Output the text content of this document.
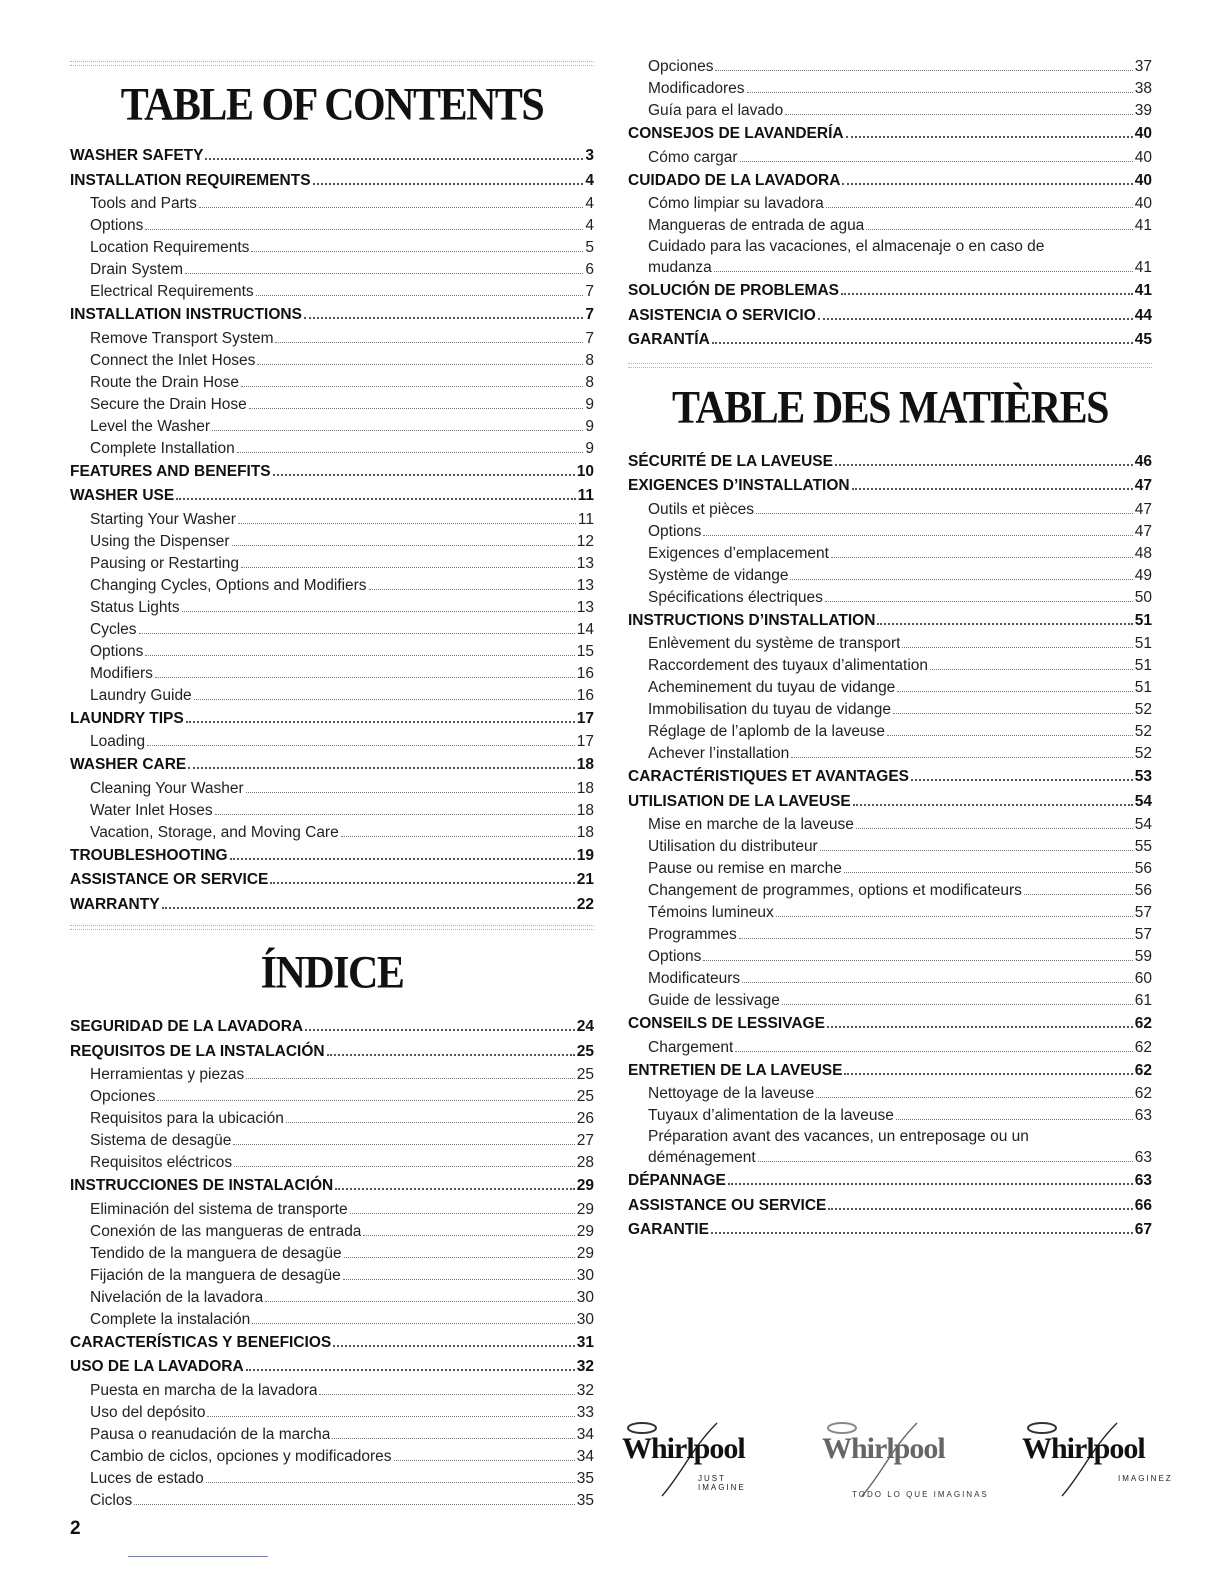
TABLE OF CONTENTS
WASHER SAFETY	3
INSTALLATION REQUIREMENTS	4
Tools and Parts	4
Options	4
Location Requirements	5
Drain System	6
Electrical Requirements	7
INSTALLATION INSTRUCTIONS	7
Remove Transport System	7
Connect the Inlet Hoses	8
Route the Drain Hose	8
Secure the Drain Hose	9
Level the Washer	9
Complete Installation	9
FEATURES AND BENEFITS	10
WASHER USE	11
Starting Your Washer	11
Using the Dispenser	12
Pausing or Restarting	13
Changing Cycles, Options and Modifiers	13
Status Lights	13
Cycles	14
Options	15
Modifiers	16
Laundry Guide	16
LAUNDRY TIPS	17
Loading	17
WASHER CARE	18
Cleaning Your Washer	18
Water Inlet Hoses	18
Vacation, Storage, and Moving Care	18
TROUBLESHOOTING	19
ASSISTANCE OR SERVICE	21
WARRANTY	22
ÍNDICE
SEGURIDAD DE LA LAVADORA	24
REQUISITOS DE LA INSTALACIÓN	25
Herramientas y piezas	25
Opciones	25
Requisitos para la ubicación	26
Sistema de desagüe	27
Requisitos eléctricos	28
INSTRUCCIONES DE INSTALACIÓN	29
Eliminación del sistema de transporte	29
Conexión de las mangueras de entrada	29
Tendido de la manguera de desagüe	29
Fijación de la manguera de desagüe	30
Nivelación de la lavadora	30
Complete la instalación	30
CARACTERÍSTICAS Y BENEFICIOS	31
USO DE LA LAVADORA	32
Puesta en marcha de la lavadora	32
Uso del depósito	33
Pausa o reanudación de la marcha	34
Cambio de ciclos, opciones y modificadores	34
Luces de estado	35
Ciclos	35
Opciones	37
Modificadores	38
Guía para el lavado	39
CONSEJOS DE LAVANDERÍA	40
Cómo cargar	40
CUIDADO DE LA LAVADORA	40
Cómo limpiar su lavadora	40
Mangueras de entrada de agua	41
Cuidado para las vacaciones, el almacenaje o en caso de
mudanza	41
SOLUCIÓN DE PROBLEMAS	41
ASISTENCIA O SERVICIO	44
GARANTÍA	45
TABLE DES MATIÈRES
SÉCURITÉ DE LA LAVEUSE	46
EXIGENCES D’INSTALLATION	47
Outils et pièces	47
Options	47
Exigences d’emplacement	48
Système de vidange	49
Spécifications électriques	50
INSTRUCTIONS D’INSTALLATION	51
Enlèvement du système de transport	51
Raccordement des tuyaux d’alimentation	51
Acheminement du tuyau de vidange	51
Immobilisation du tuyau de vidange	52
Réglage de l’aplomb de la laveuse	52
Achever l’installation	52
CARACTÉRISTIQUES ET AVANTAGES	53
UTILISATION DE LA LAVEUSE	54
Mise en marche de la laveuse	54
Utilisation du distributeur	55
Pause ou remise en marche	56
Changement de programmes, options et modificateurs	56
Témoins lumineux	57
Programmes	57
Options	59
Modificateurs	60
Guide de lessivage	61
CONSEILS DE LESSIVAGE	62
Chargement	62
ENTRETIEN DE LA LAVEUSE	62
Nettoyage de la laveuse	62
Tuyaux d’alimentation de la laveuse	63
Préparation avant des vacances, un entreposage ou un
déménagement	63
DÉPANNAGE	63
ASSISTANCE OU SERVICE	66
GARANTIE	67
2
Whirlpool
JUST IMAGINE
Whirlpool
TODO LO QUE IMAGINAS
Whirlpool
IMAGINEZ
